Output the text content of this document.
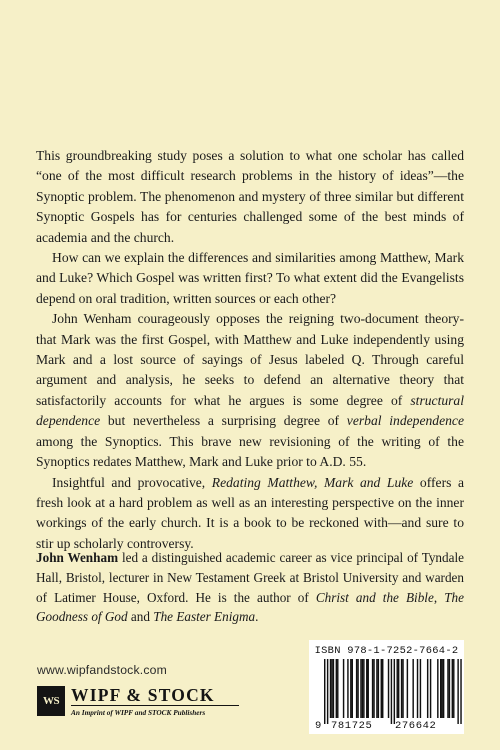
This groundbreaking study poses a solution to what one scholar has called “one of the most difficult research problems in the history of ideas”—the Synoptic problem. The phenomenon and mystery of three similar but different Synoptic Gospels has for centuries challenged some of the best minds of academia and the church.

How can we explain the differences and similarities among Matthew, Mark and Luke? Which Gospel was written first? To what extent did the Evangelists depend on oral tradition, written sources or each other?

John Wenham courageously opposes the reigning two-document theory-that Mark was the first Gospel, with Matthew and Luke independently using Mark and a lost source of sayings of Jesus labeled Q. Through careful argument and analysis, he seeks to defend an alternative theory that satisfactorily accounts for what he argues is some degree of structural dependence but nevertheless a surprising degree of verbal independence among the Synoptics. This brave new revisioning of the writing of the Synoptics redates Matthew, Mark and Luke prior to A.D. 55.

Insightful and provocative, Redating Matthew, Mark and Luke offers a fresh look at a hard problem as well as an interesting perspective on the inner workings of the early church. It is a book to be reckoned with—and sure to stir up scholarly controversy.

John Wenham led a distinguished academic career as vice principal of Tyndale Hall, Bristol, lecturer in New Testament Greek at Bristol University and warden of Latimer House, Oxford. He is the author of Christ and the Bible, The Goodness of God and The Easter Enigma.
www.wipfandstock.com
WS WIPF & STOCK
An Imprint of WIPF and STOCK Publishers
ISBN 978-1-7252-7664-2
9 781725 276642
